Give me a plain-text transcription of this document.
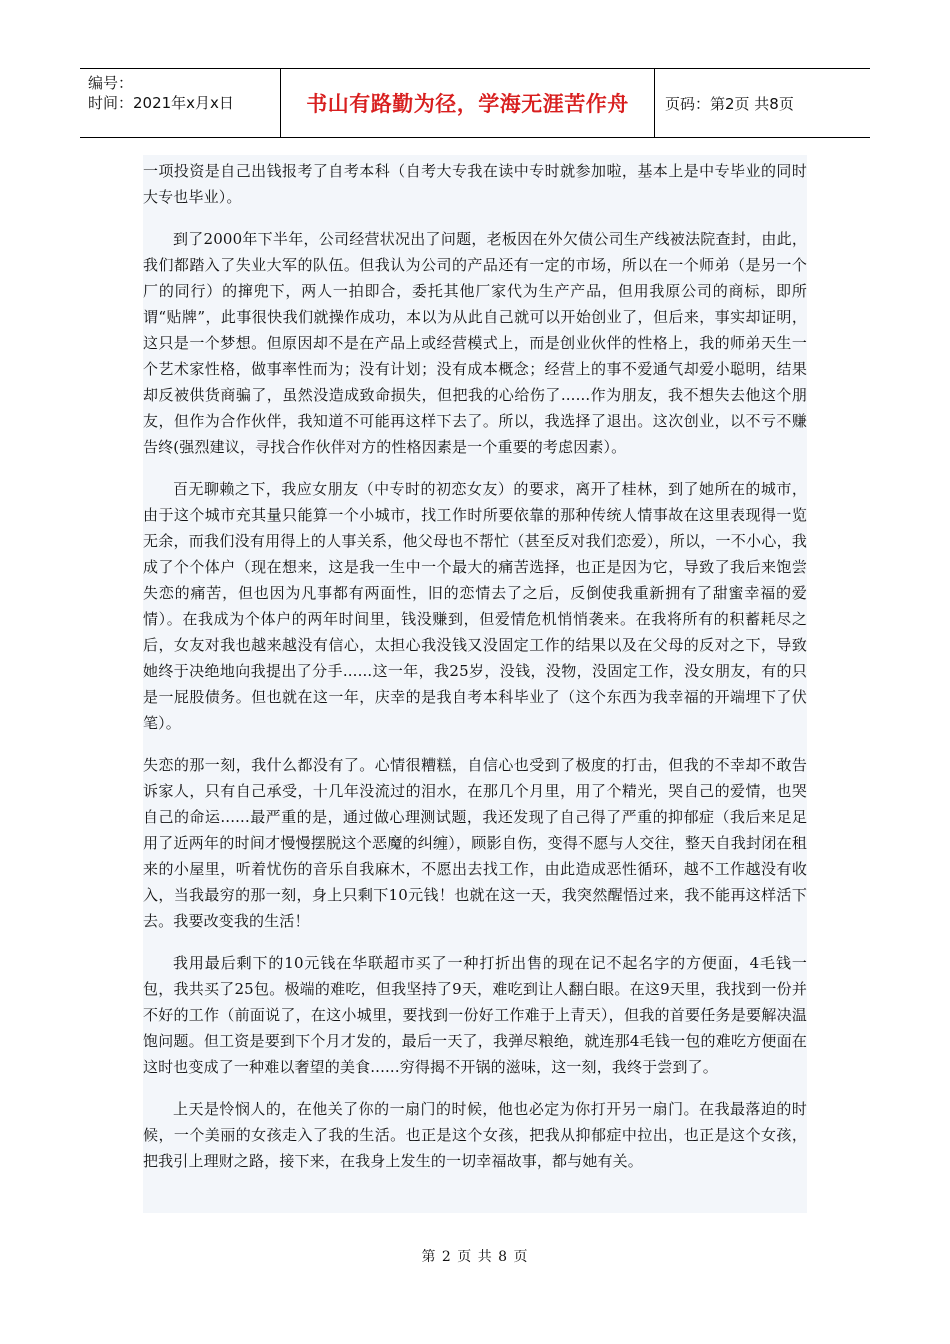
编号：
时间：2021年x月x日	书山有路勤为径，学海无涯苦作舟	页码：第2页 共8页

一项投资是自己出钱报考了自考本科（自考大专我在读中专时就参加啦，基本上是中专毕业的同时大专也毕业）。

到了2000年下半年，公司经营状况出了问题，老板因在外欠债公司生产线被法院查封，由此，我们都踏入了失业大军的队伍。但我认为公司的产品还有一定的市场，所以在一个师弟（是另一个厂的同行）的撺兜下，两人一拍即合，委托其他厂家代为生产产品，但用我原公司的商标，即所谓“贴牌”，此事很快我们就操作成功，本以为从此自己就可以开始创业了，但后来，事实却证明，这只是一个梦想。但原因却不是在产品上或经营模式上，而是创业伙伴的性格上，我的师弟天生一个艺术家性格，做事率性而为；没有计划；没有成本概念；经营上的事不爱通气却爱小聪明，结果却反被供货商骗了，虽然没造成致命损失，但把我的心给伤了......作为朋友，我不想失去他这个朋友，但作为合作伙伴，我知道不可能再这样下去了。所以，我选择了退出。这次创业，以不亏不赚告终(强烈建议，寻找合作伙伴对方的性格因素是一个重要的考虑因素）。

百无聊赖之下，我应女朋友（中专时的初恋女友）的要求，离开了桂林，到了她所在的城市，由于这个城市充其量只能算一个小城市，找工作时所要依靠的那种传统人情事故在这里表现得一览无余，而我们没有用得上的人事关系，他父母也不帮忙（甚至反对我们恋爱），所以，一不小心，我成了个个体户（现在想来，这是我一生中一个最大的痛苦选择，也正是因为它，导致了我后来饱尝失恋的痛苦，但也因为凡事都有两面性，旧的恋情去了之后，反倒使我重新拥有了甜蜜幸福的爱情）。在我成为个体户的两年时间里，钱没赚到，但爱情危机悄悄袭来。在我将所有的积蓄耗尽之后，女友对我也越来越没有信心，太担心我没钱又没固定工作的结果以及在父母的反对之下，导致她终于决绝地向我提出了分手......这一年，我25岁，没钱，没物，没固定工作，没女朋友，有的只是一屁股债务。但也就在这一年，庆幸的是我自考本科毕业了（这个东西为我幸福的开端埋下了伏笔）。

失恋的那一刻，我什么都没有了。心情很糟糕，自信心也受到了极度的打击，但我的不幸却不敢告诉家人，只有自己承受，十几年没流过的泪水，在那几个月里，用了个精光，哭自己的爱情，也哭自己的命运......最严重的是，通过做心理测试题，我还发现了自己得了严重的抑郁症（我后来足足用了近两年的时间才慢慢摆脱这个恶魔的纠缠），顾影自伤，变得不愿与人交往，整天自我封闭在租来的小屋里，听着忧伤的音乐自我麻木，不愿出去找工作，由此造成恶性循环，越不工作越没有收入，当我最穷的那一刻，身上只剩下10元钱！也就在这一天，我突然醒悟过来，我不能再这样活下去。我要改变我的生活！

我用最后剩下的10元钱在华联超市买了一种打折出售的现在记不起名字的方便面，4毛钱一包，我共买了25包。极端的难吃，但我坚持了9天，难吃到让人翻白眼。在这9天里，我找到一份并不好的工作（前面说了，在这小城里，要找到一份好工作难于上青天），但我的首要任务是要解决温饱问题。但工资是要到下个月才发的，最后一天了，我弹尽粮绝，就连那4毛钱一包的难吃方便面在这时也变成了一种难以奢望的美食......穷得揭不开锅的滋味，这一刻，我终于尝到了。

上天是怜悯人的，在他关了你的一扇门的时候，他也必定为你打开另一扇门。在我最落迫的时候，一个美丽的女孩走入了我的生活。也正是这个女孩，把我从抑郁症中拉出，也正是这个女孩，把我引上理财之路，接下来，在我身上发生的一切幸福故事，都与她有关。

第 2 页 共 8 页
